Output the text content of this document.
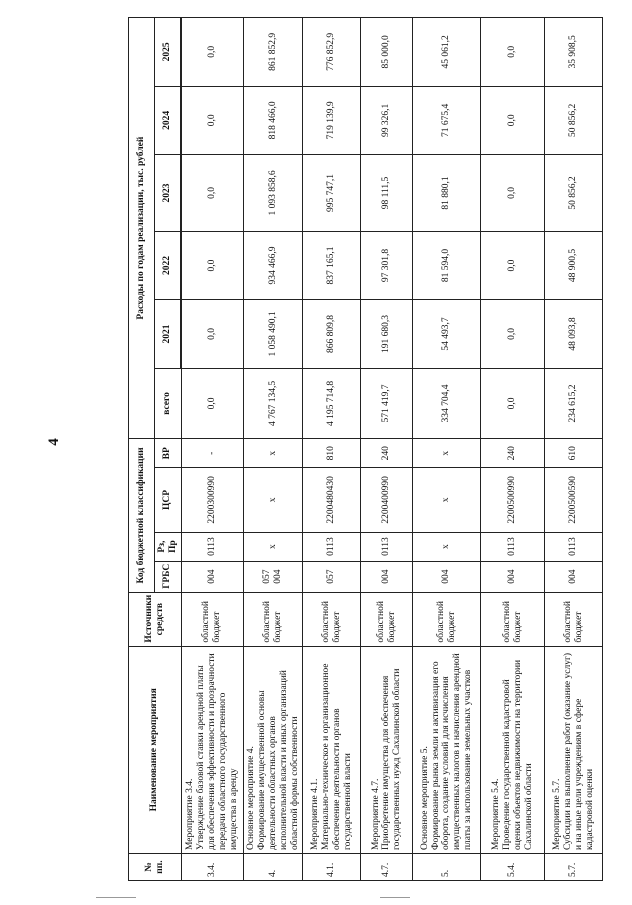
4
№ пп.	Наименование мероприятия	Источники средств	Код бюджетной классификации				Расходы по годам реализации, тыс. рублей					
			ГРБС	Рз, Пр	ЦСР	ВР	всего	2021	2022	2023	2024	2025

3.4.	Мероприятие 3.4. Утверждение базовой ставки арендной платы для обеспечения эффективности и прозрачности передачи областного государственного имущества в аренду	областной бюджет	004	0113	2200300990	-	0,0	0,0	0,0	0,0	0,0	0,0
4.	Основное мероприятие 4. Формирование имущественной основы деятельности областных органов исполнительной власти и иных организаций областной формы собственности	областной бюджет	057 004	х	х	х	4 767 134,5	1 058 490,1	934 466,9	1 093 858,6	818 466,0	861 852,9
4.1.	Мероприятие 4.1. Материально-техническое и организационное обеспечение деятельности органов государственной власти	областной бюджет	057	0113	2200480430	810	4 195 714,8	866 809,8	837 165,1	995 747,1	719 139,9	776 852,9
4.7.	Мероприятие 4.7. Приобретение имущества для обеспечения государственных нужд Сахалинской области	областной бюджет	004	0113	2200400990	240	571 419,7	191 680,3	97 301,8	98 111,5	99 326,1	85 000,0
5.	Основное мероприятие 5. Формирование рынка земли и активизация его оборота, создание условий для исчисления имущественных налогов и начисления арендной платы за использование земельных участков	областной бюджет	004	х	х	х	334 704,4	54 493,7	81 594,0	81 880,1	71 675,4	45 061,2
5.4.	Мероприятие 5.4. Проведение государственной кадастровой оценки объектов недвижимости на территории Сахалинской области	областной бюджет	004	0113	2200500990	240	0,0	0,0	0,0	0,0	0,0	0,0
5.7.	Мероприятие 5.7. Субсидии на выполнение работ (оказание услуг) и на иные цели учреждениям в сфере кадастровой оценки	областной бюджет	004	0113	2200500590	610	234 615,2	48 093,8	48 900,5	50 856,2	50 856,2	35 908,5
